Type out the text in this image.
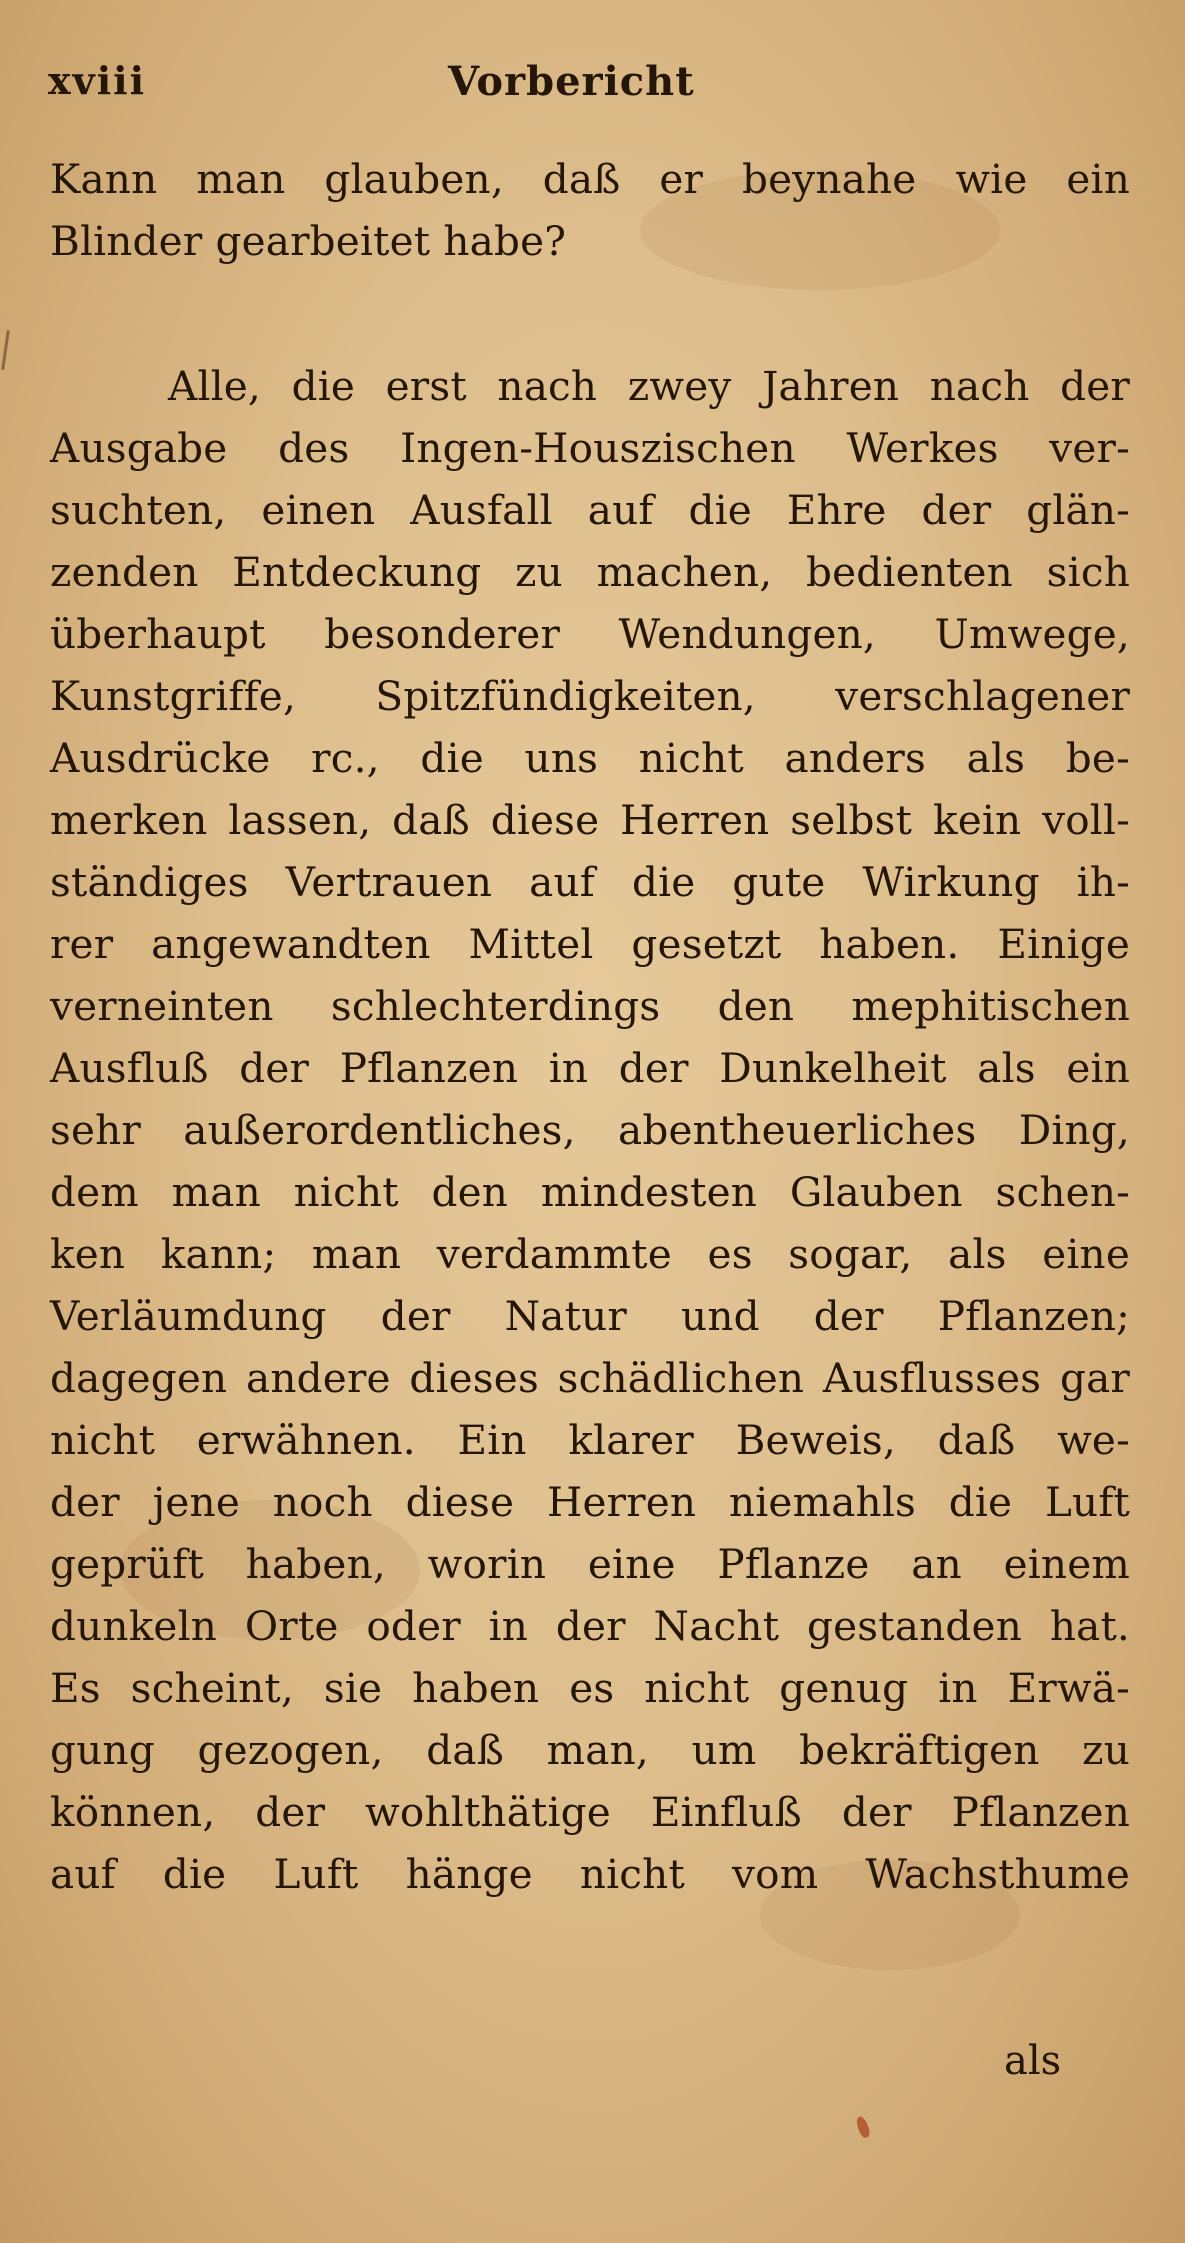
xviii	Vorbericht
Kann man glauben, daß er beynahe wie ein
Blinder gearbeitet habe?
Alle, die erst nach zwey Jahren nach der
Ausgabe des Ingen-Houszischen Werkes ver-
suchten, einen Ausfall auf die Ehre der glän-
zenden Entdeckung zu machen, bedienten sich
überhaupt besonderer Wendungen, Umwege,
Kunstgriffe, Spitzfündigkeiten, verschlagener
Ausdrücke rc., die uns nicht anders als be-
merken lassen, daß diese Herren selbst kein voll-
ständiges Vertrauen auf die gute Wirkung ih-
rer angewandten Mittel gesetzt haben. Einige
verneinten schlechterdings den mephitischen
Ausfluß der Pflanzen in der Dunkelheit als ein
sehr außerordentliches, abentheuerliches Ding,
dem man nicht den mindesten Glauben schen-
ken kann; man verdammte es sogar, als eine
Verläumdung der Natur und der Pflanzen;
dagegen andere dieses schädlichen Ausflusses gar
nicht erwähnen. Ein klarer Beweis, daß we-
der jene noch diese Herren niemahls die Luft
geprüft haben, worin eine Pflanze an einem
dunkeln Orte oder in der Nacht gestanden hat.
Es scheint, sie haben es nicht genug in Erwä-
gung gezogen, daß man, um bekräftigen zu
können, der wohlthätige Einfluß der Pflanzen
auf die Luft hänge nicht vom Wachsthume
als
